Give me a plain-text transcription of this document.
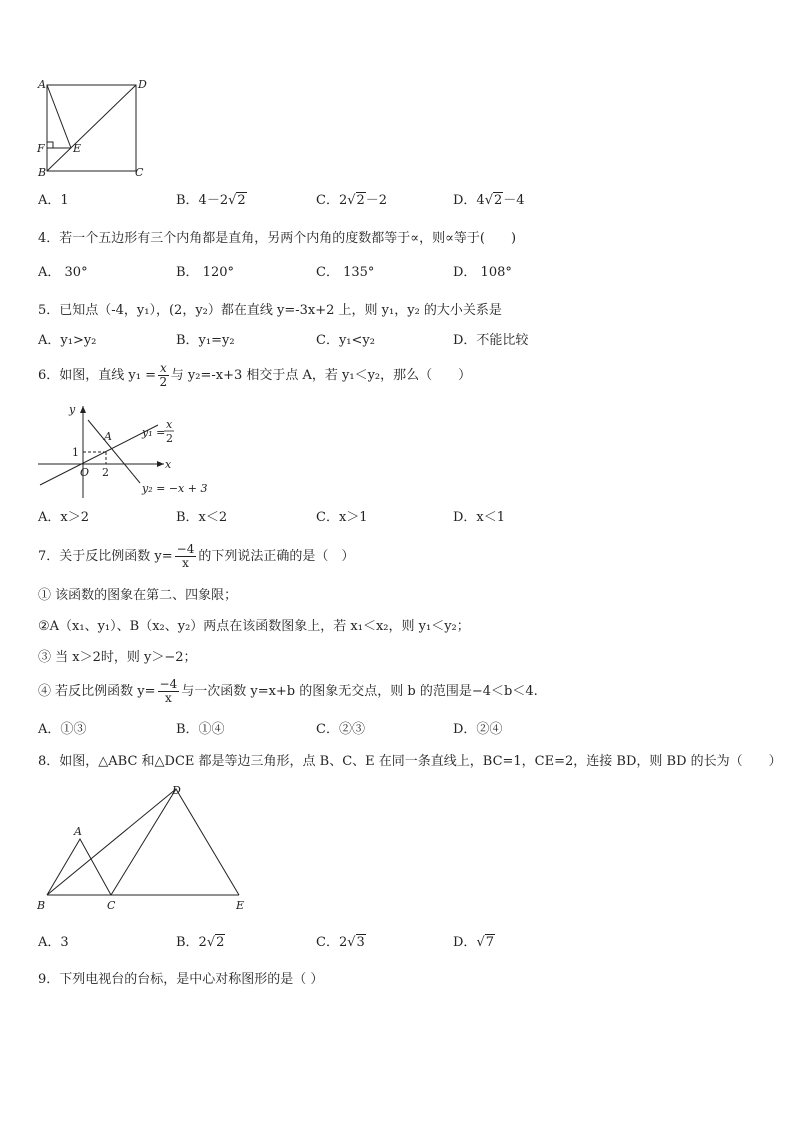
A	D
F	E
B	C
A．1	B．4－2√2	C．2√2－2	D．4√2－4
4．若一个五边形有三个内角都是直角，另两个内角的度数都等于∝，则∝等于(　　)
A． 30°	B． 120°	C． 135°	D． 108°
5．已知点（-4，y₁），(2，y₂）都在直线 y=-3x+2 上，则 y₁，y₂ 的大小关系是
A．y₁>y₂	B．y₁=y₂	C．y₁<y₂	D．不能比较
6．如图，直线 $y_1 = \frac{x}{2}$ 与 y₂=-x+3 相交于点 A，若 y₁＜y₂，那么（　　）
y
x
O
1
2
A	y₁ =
x
2
y₂ = −x + 3
A．x＞2	B．x＜2	C．x＞1	D．x＜1
7．关于反比例函数 $y= \frac{-4}{x}$ 的下列说法正确的是（　）
① 该函数的图象在第二、四象限；
②A（x₁、y₁）、B（x₂、y₂）两点在该函数图象上，若 x₁＜x₂，则 y₁＜y₂；
③ 当 x＞2时，则 y＞−2；
④ 若反比例函数 $y= \frac{-4}{x}$ 与一次函数 y=x+b 的图象无交点，则 b 的范围是−4＜b＜4.
A．①③	B．①④	C．②③	D．②④
8．如图，△ABC 和△DCE 都是等边三角形，点 B、C、E 在同一条直线上，BC=1，CE=2，连接 BD，则 BD 的长为（　　）
A
D
B	C	E
A．3	B．2√2	C．2√3	D．√7
9．下列电视台的台标，是中心对称图形的是（ ）
